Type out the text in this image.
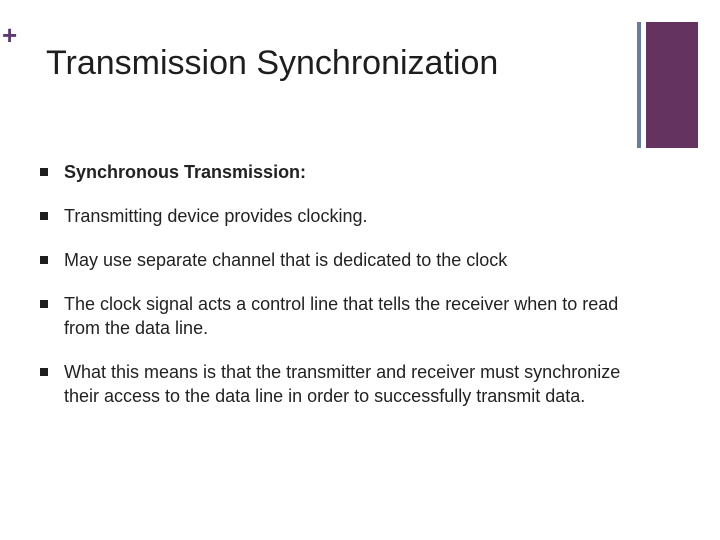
+
Transmission Synchronization
Synchronous Transmission:
Transmitting device provides clocking.
May use separate channel that is dedicated to the clock
The clock signal acts a control line that tells the receiver when to read from the data line.
What this means is that the transmitter and receiver must synchronize their access to the data line in order to successfully transmit data.
